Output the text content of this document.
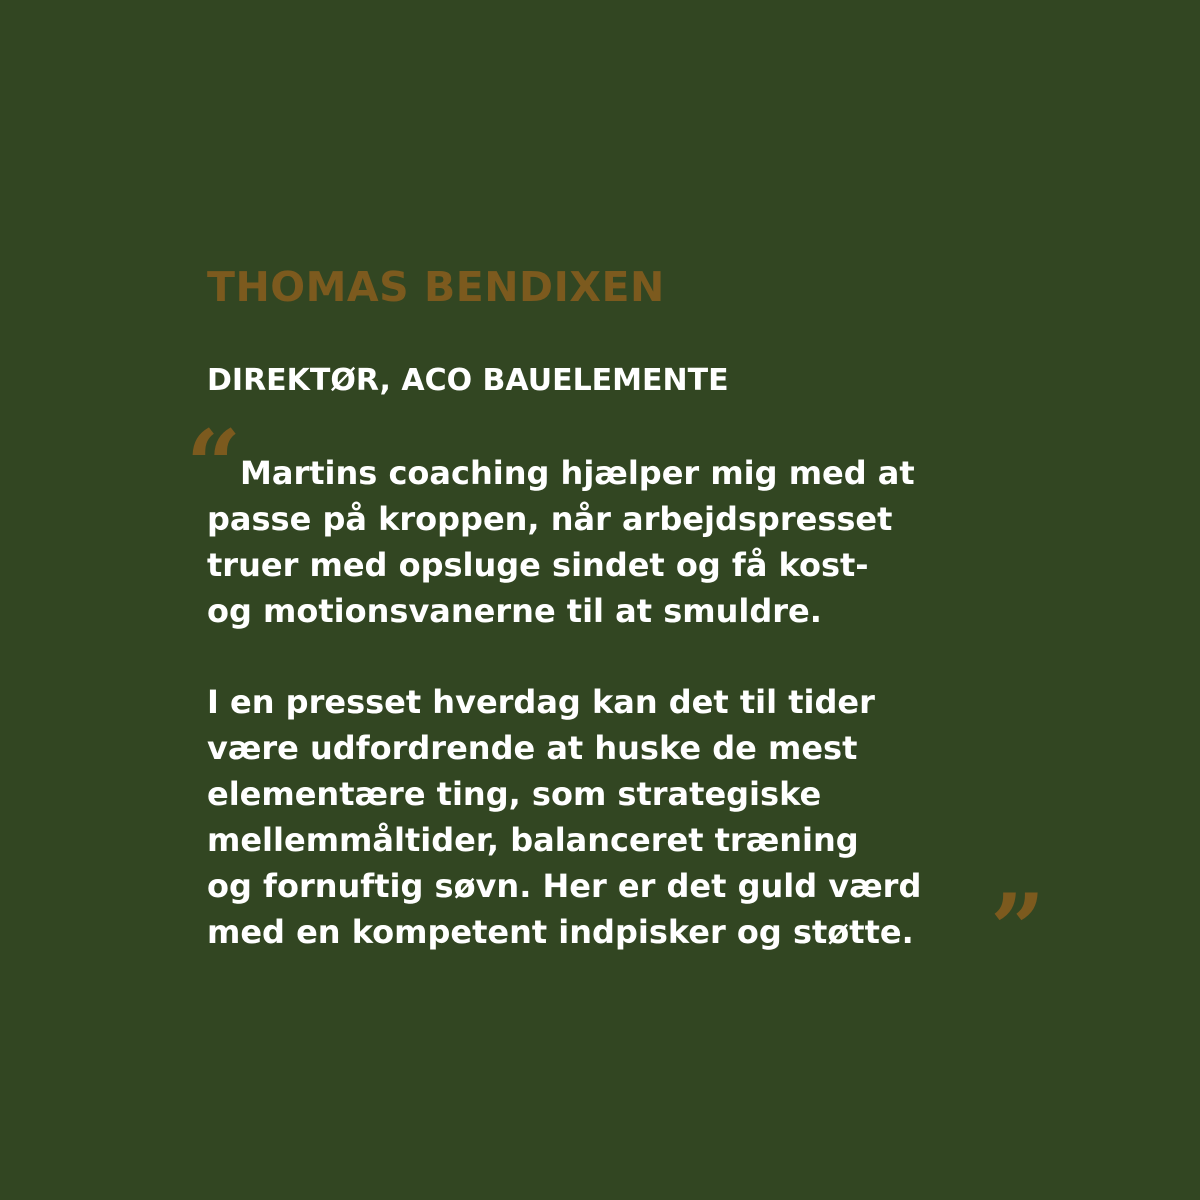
THOMAS BENDIXEN
DIREKTØR, ACO BAUELEMENTE
“ Martins coaching hjælper mig med at
passe på kroppen, når arbejdspresset
truer med opsluge sindet og få kost-
og motionsvanerne til at smuldre.

I en presset hverdag kan det til tider
være udfordrende at huske de mest
elementære ting, som strategiske
mellemmåltider, balanceret træning
og fornuftig søvn. Her er det guld værd
med en kompetent indpisker og støtte. ”
